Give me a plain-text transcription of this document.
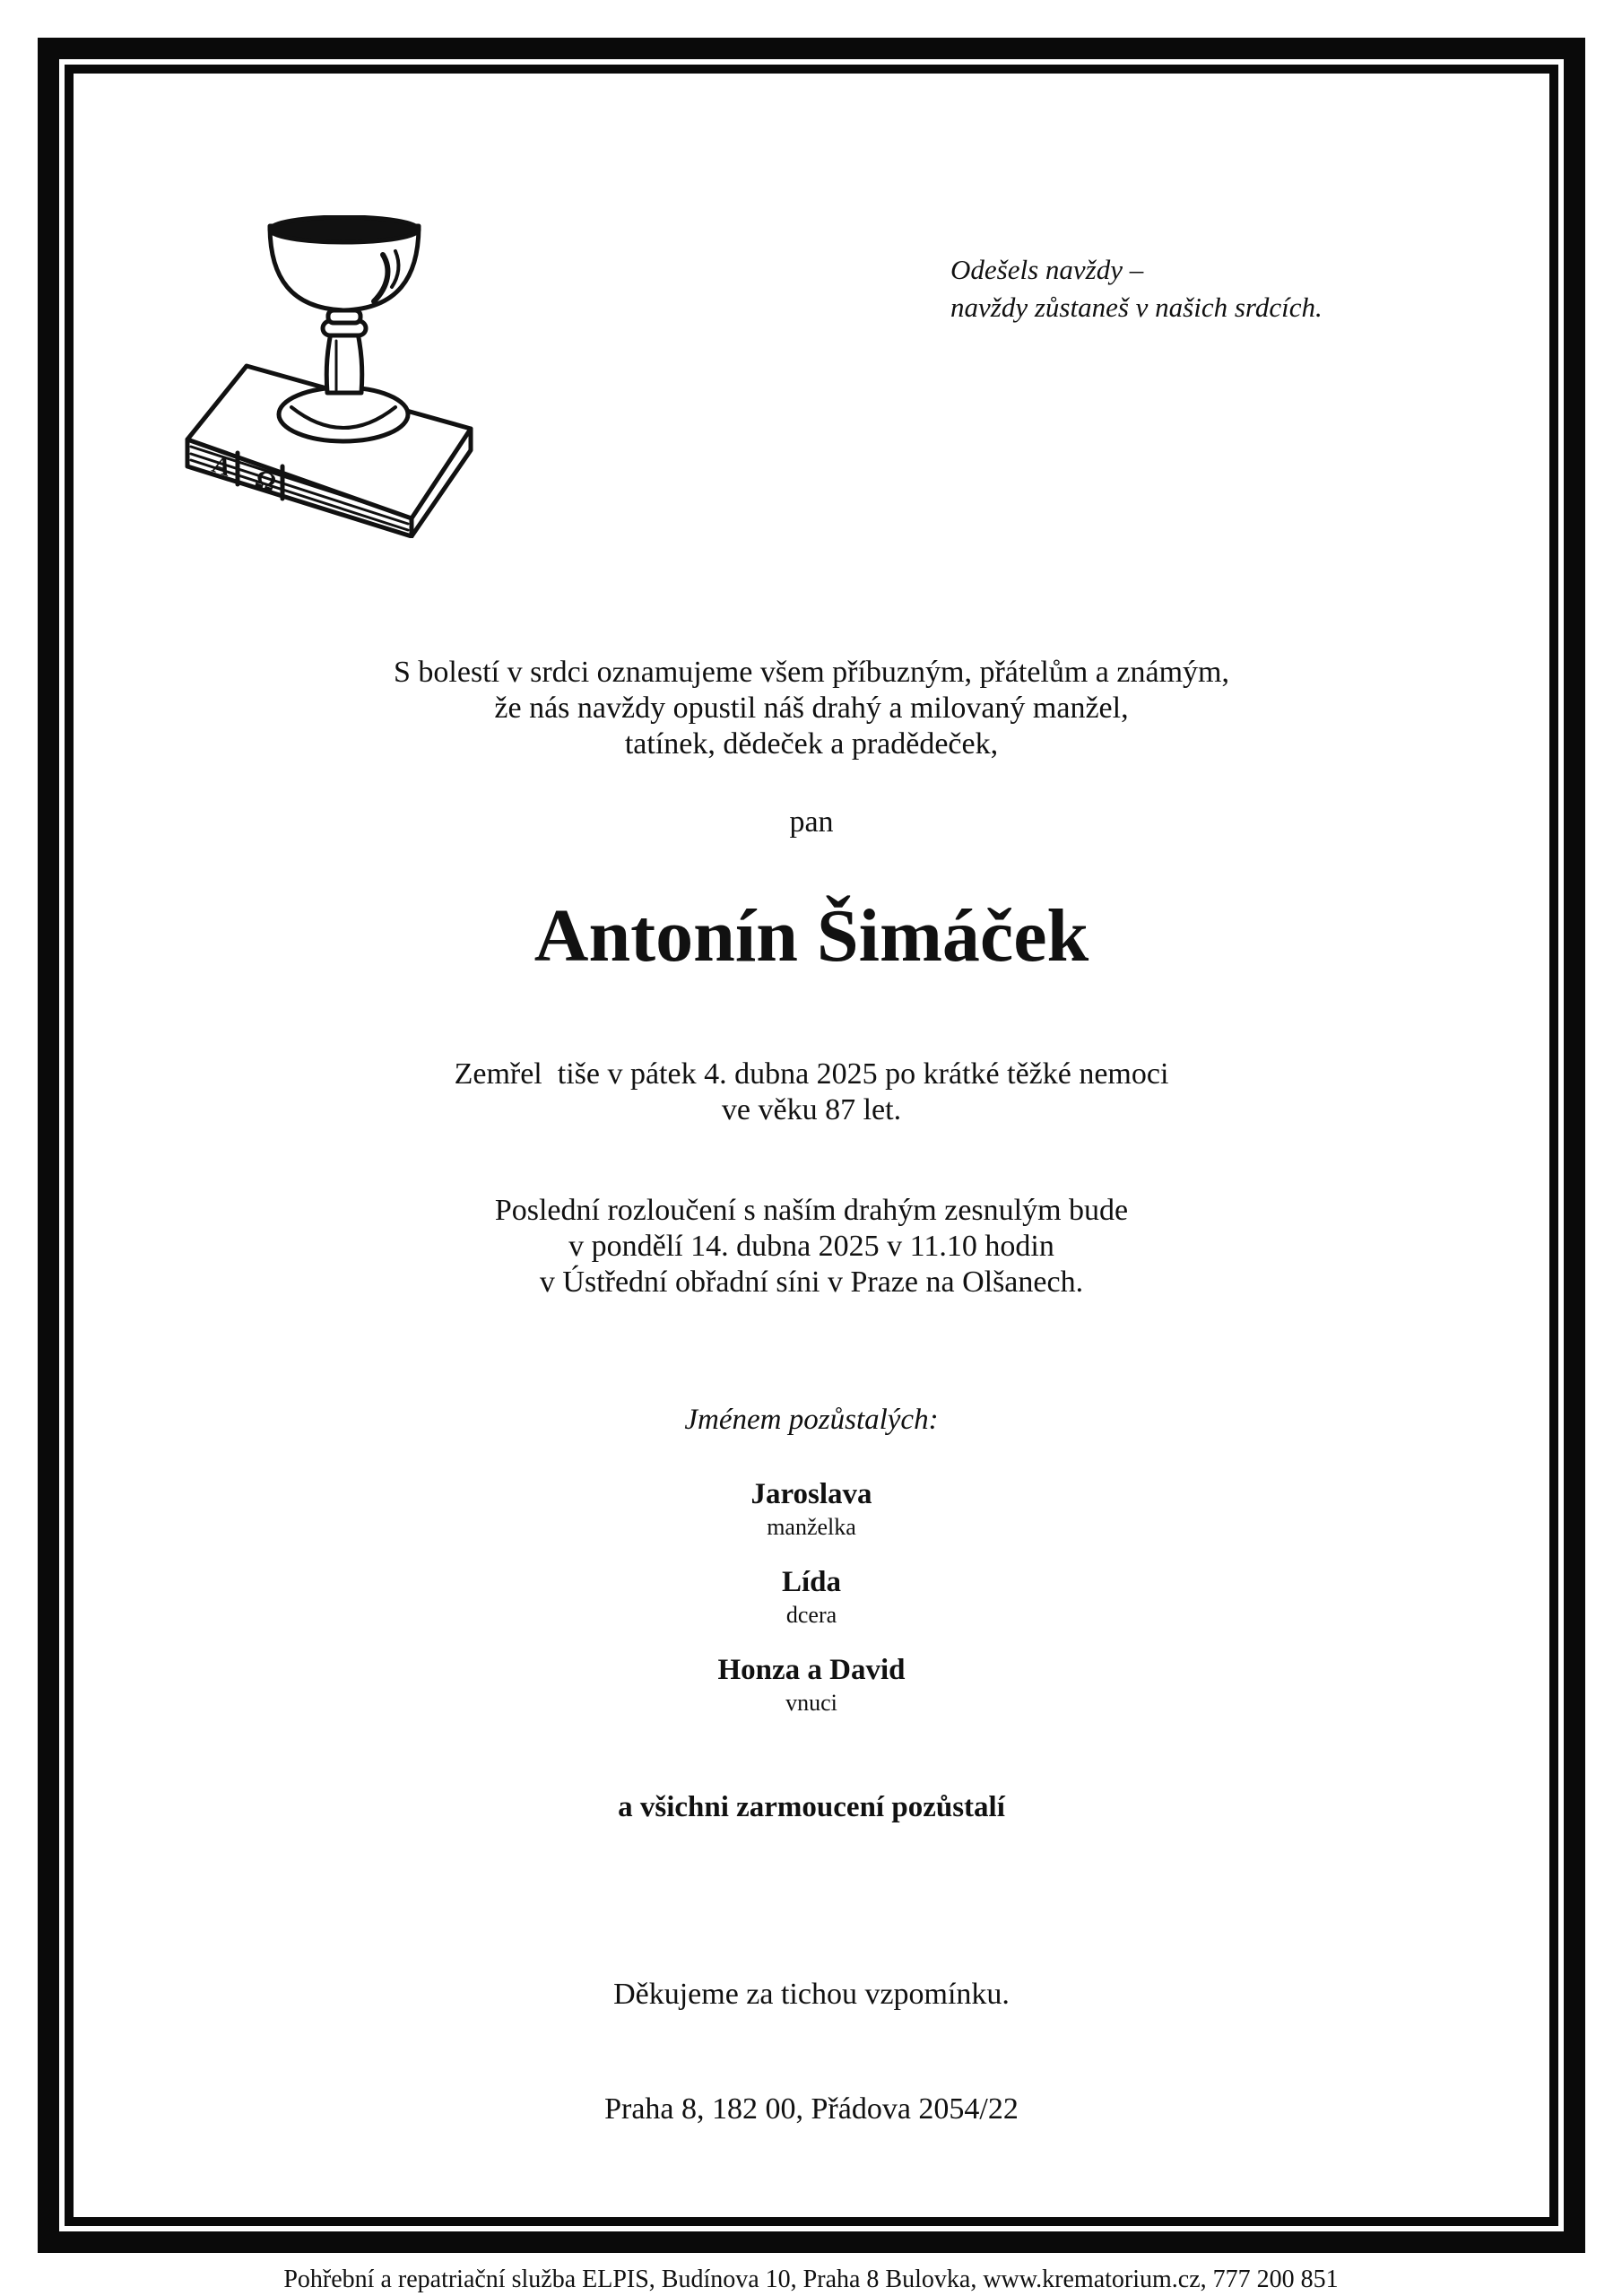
A Ω
Odešels navždy –
navždy zůstaneš v našich srdcích.
S bolestí v srdci oznamujeme všem příbuzným, přátelům a známým,
že nás navždy opustil náš drahý a milovaný manžel,
tatínek, dědeček a pradědeček,
pan
Antonín Šimáček
Zemřel  tiše v pátek 4. dubna 2025 po krátké těžké nemoci
ve věku 87 let.
Poslední rozloučení s naším drahým zesnulým bude
v pondělí 14. dubna 2025 v 11.10 hodin
v Ústřední obřadní síni v Praze na Olšanech.
Jménem pozůstalých:
Jaroslava
manželka
Lída
dcera
Honza a David
vnuci
a všichni zarmoucení pozůstalí
Děkujeme za tichou vzpomínku.
Praha 8, 182 00, Přádova 2054/22
Pohřební a repatriační služba ELPIS, Budínova 10, Praha 8 Bulovka, www.krematorium.cz, 777 200 851
